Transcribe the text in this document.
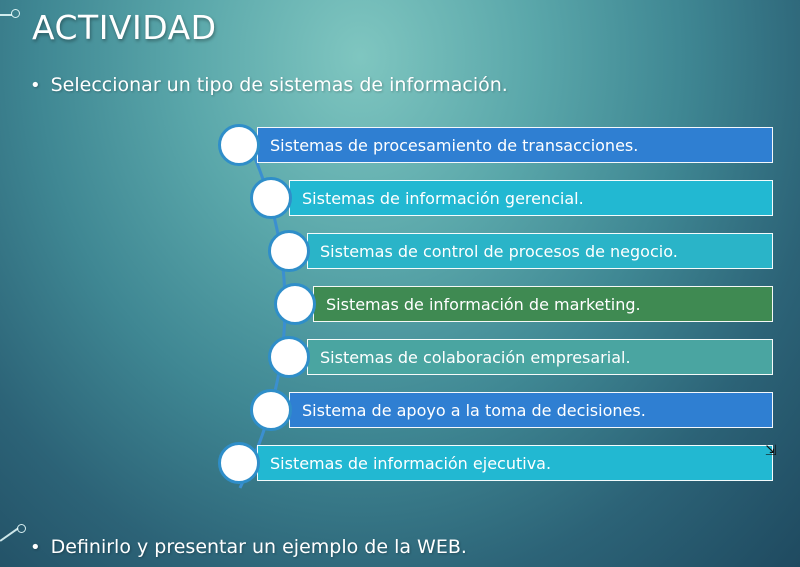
ACTIVIDAD
• Seleccionar un tipo de sistemas de información.
Sistemas de procesamiento de transacciones.
Sistemas de información gerencial.
Sistemas de control de procesos de negocio.
Sistemas de información de marketing.
Sistemas de colaboración empresarial.
Sistema de apoyo a la toma de decisiones.
Sistemas de información ejecutiva.
• Definirlo y presentar un ejemplo de la WEB.
⇲
